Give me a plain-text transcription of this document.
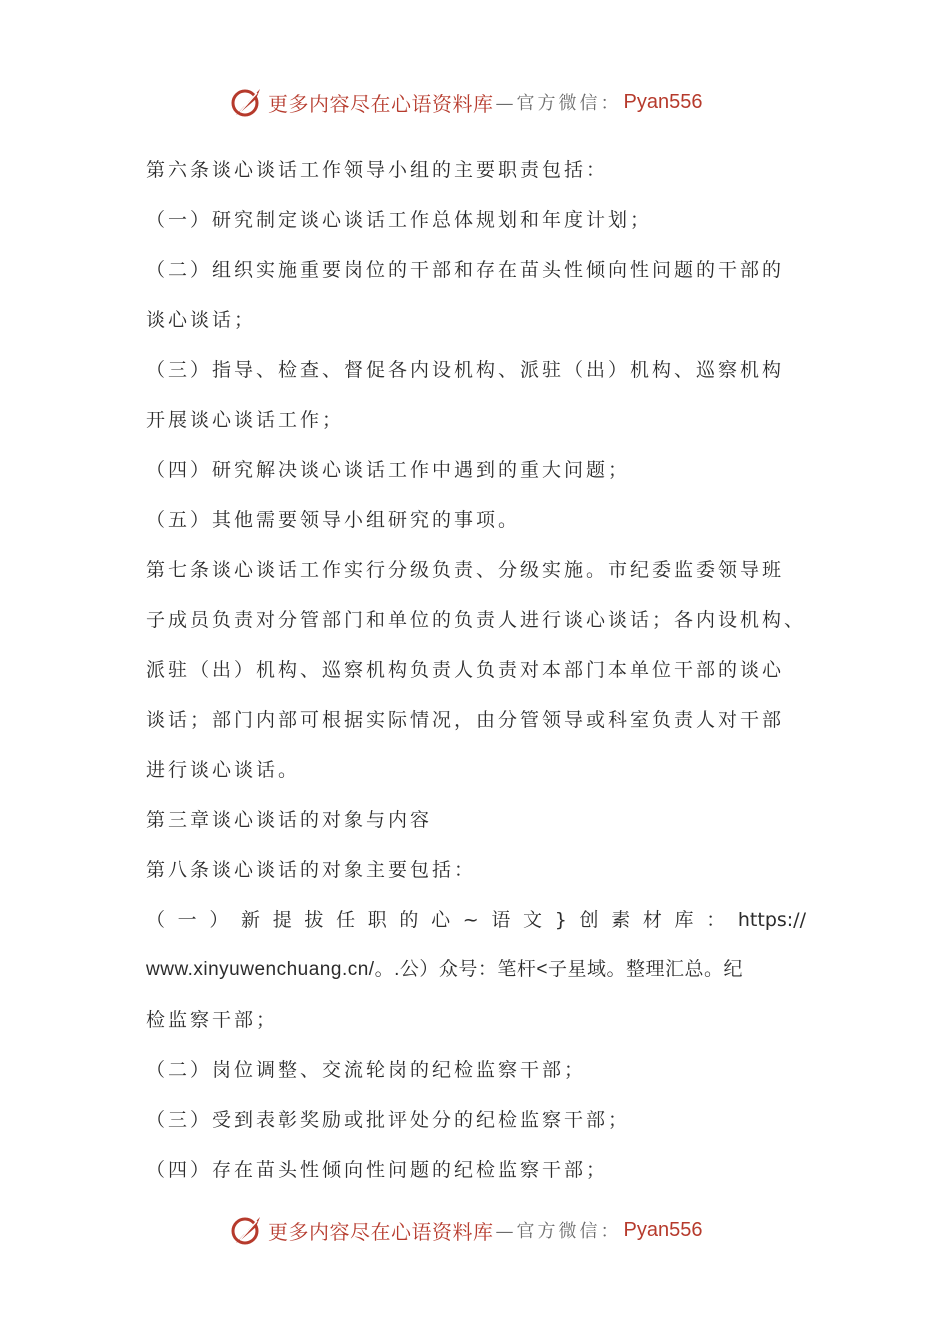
更多内容尽在心语资料库 —官方微信： Pyan556
第六条谈心谈话工作领导小组的主要职责包括：
（一）研究制定谈心谈话工作总体规划和年度计划；
（二）组织实施重要岗位的干部和存在苗头性倾向性问题的干部的
谈心谈话；
（三）指导、检查、督促各内设机构、派驻（出）机构、巡察机构
开展谈心谈话工作；
（四）研究解决谈心谈话工作中遇到的重大问题；
（五）其他需要领导小组研究的事项。
第七条谈心谈话工作实行分级负责、分级实施。市纪委监委领导班
子成员负责对分管部门和单位的负责人进行谈心谈话；各内设机构、
派驻（出）机构、巡察机构负责人负责对本部门本单位干部的谈心
谈话；部门内部可根据实际情况，由分管领导或科室负责人对干部
进行谈心谈话。
第三章谈心谈话的对象与内容
第八条谈心谈话的对象主要包括：
（一）新提拔任职的心~语文}创素材库：https://
www.xinyuwenchuang.cn/。.公）众号：笔杆<子星域。整理汇总。纪
检监察干部；
（二）岗位调整、交流轮岗的纪检监察干部；
（三）受到表彰奖励或批评处分的纪检监察干部；
（四）存在苗头性倾向性问题的纪检监察干部；
更多内容尽在心语资料库 —官方微信： Pyan556
